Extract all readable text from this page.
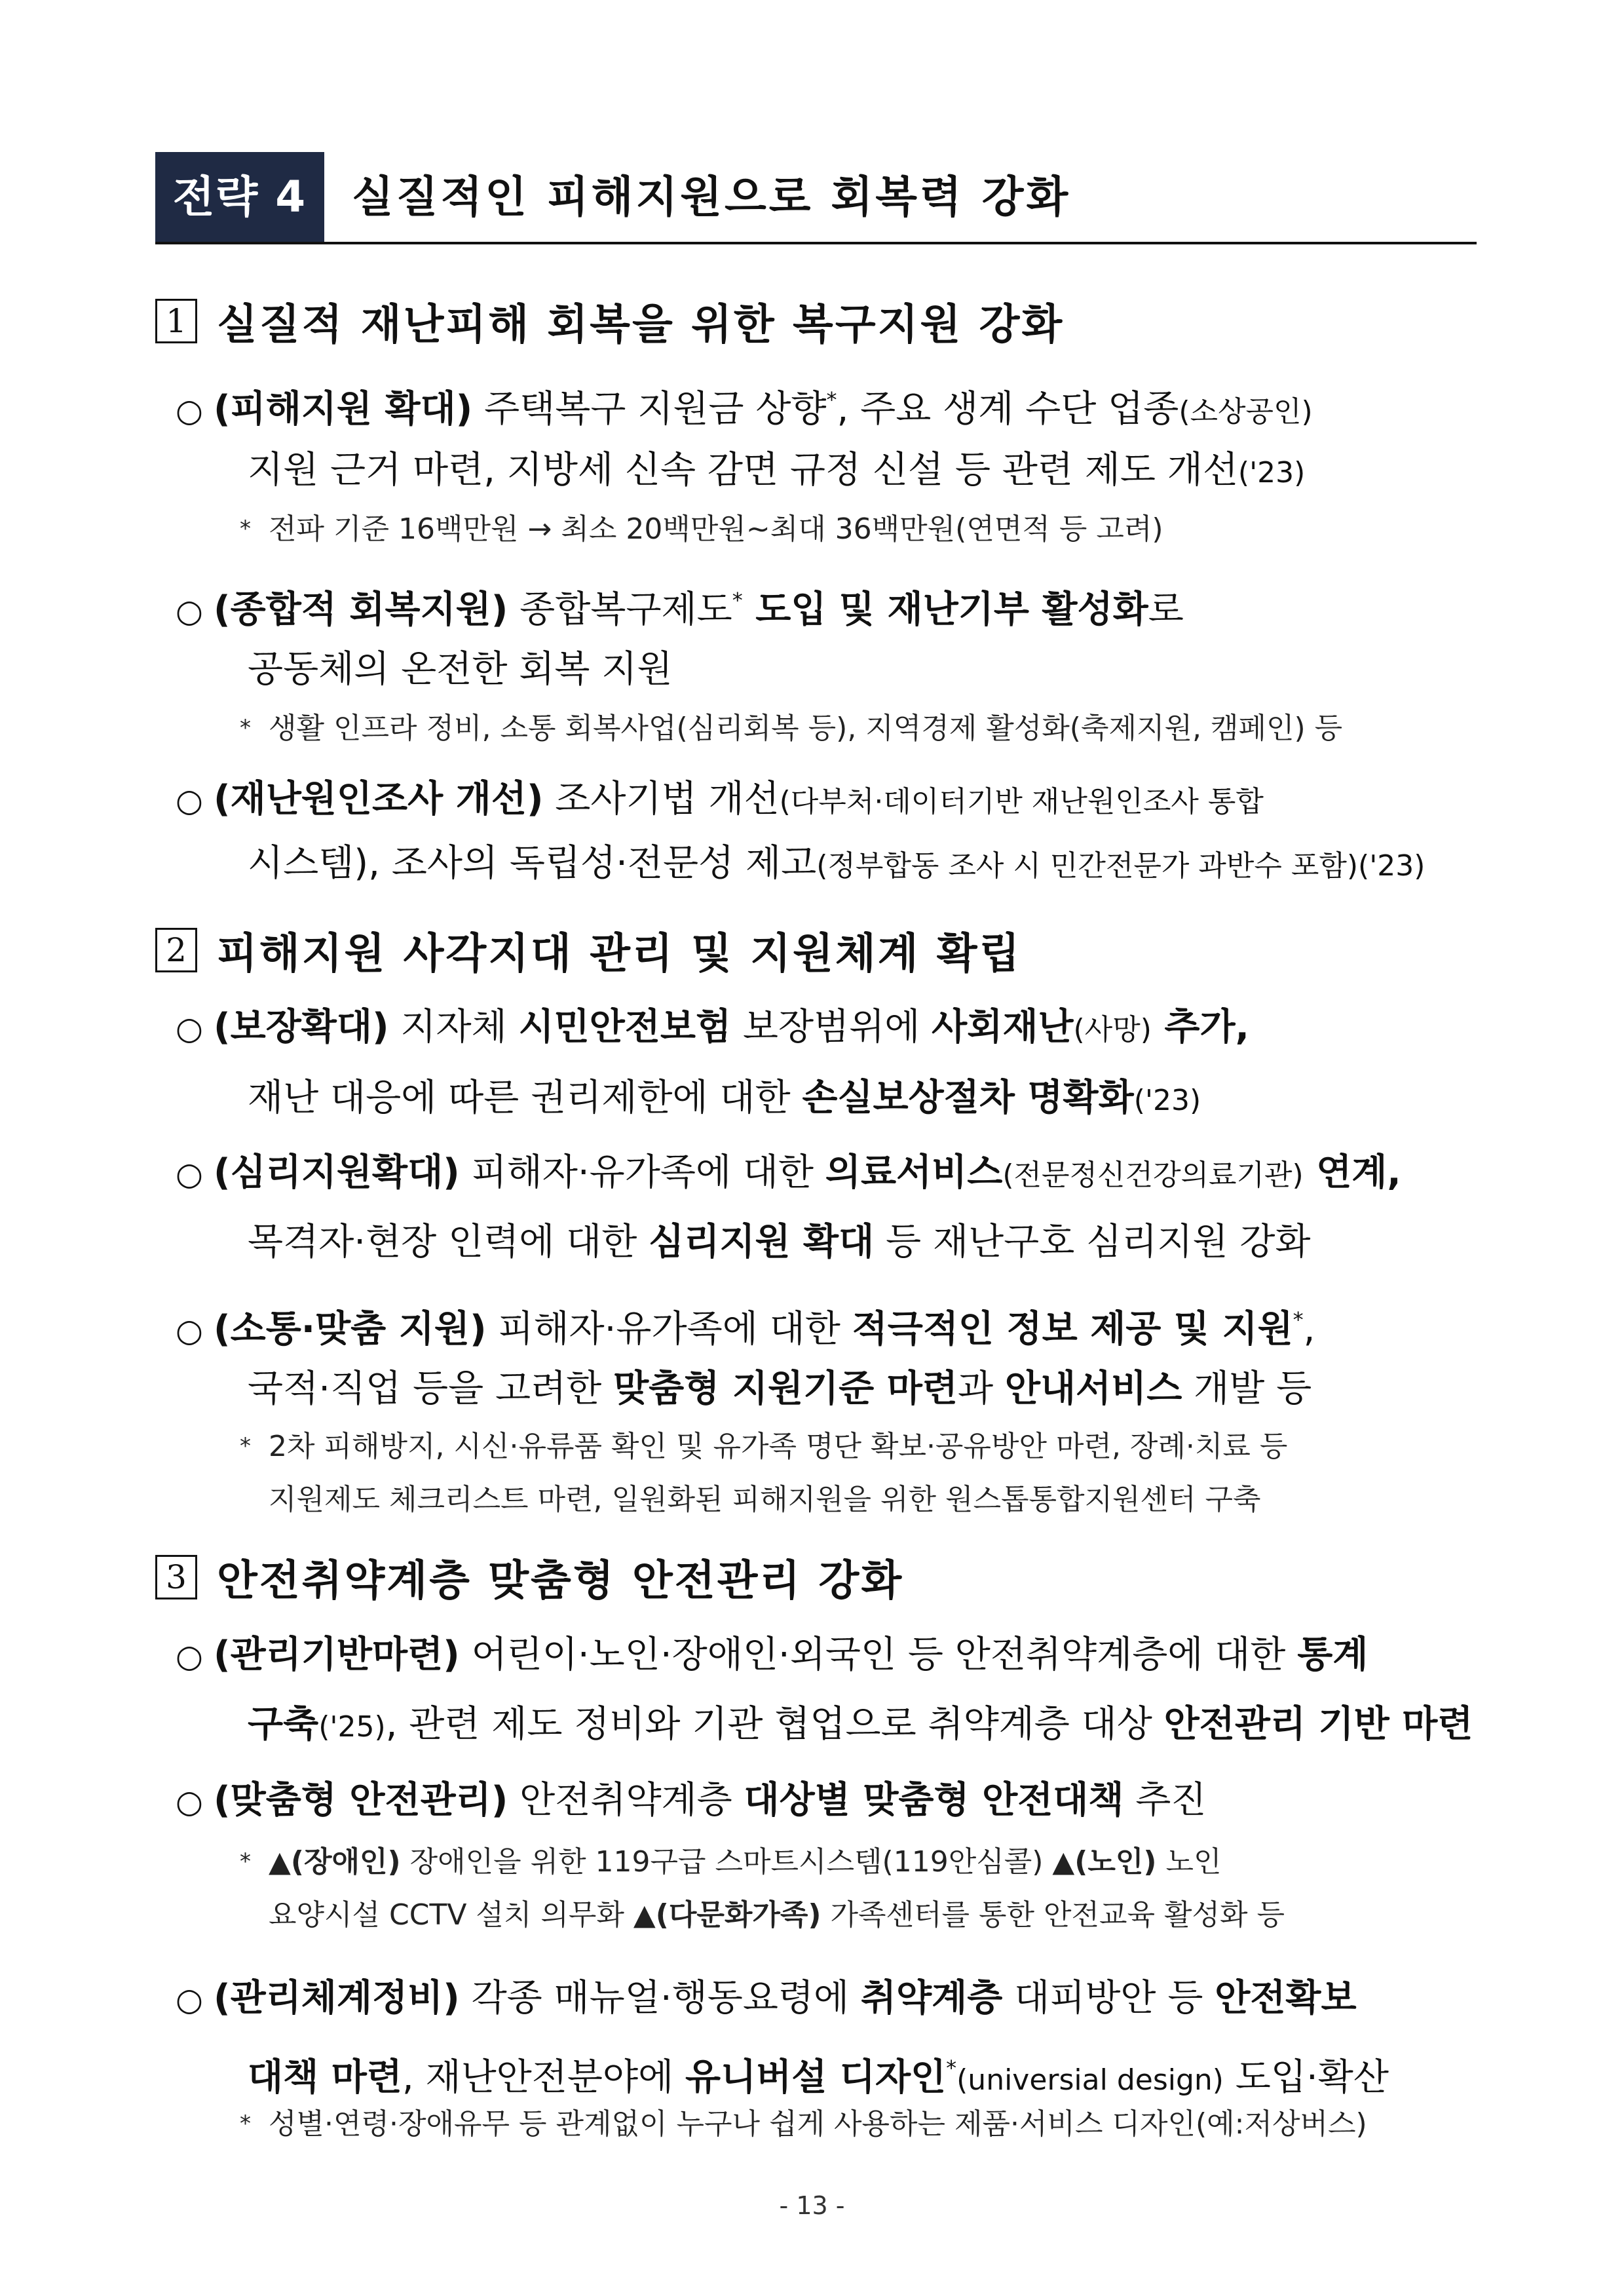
전략 4	실질적인 피해지원으로 회복력 강화
1 실질적 재난피해 회복을 위한 복구지원 강화
○ (피해지원 확대) 주택복구 지원금 상향*, 주요 생계 수단 업종(소상공인)
지원 근거 마련, 지방세 신속 감면 규정 신설 등 관련 제도 개선('23)
* 전파 기준 16백만원 → 최소 20백만원∼최대 36백만원(연면적 등 고려)
○ (종합적 회복지원) 종합복구제도* 도입 및 재난기부 활성화로
공동체의 온전한 회복 지원
* 생활 인프라 정비, 소통 회복사업(심리회복 등), 지역경제 활성화(축제지원, 캠페인) 등
○ (재난원인조사 개선) 조사기법 개선(다부처·데이터기반 재난원인조사 통합
시스템), 조사의 독립성·전문성 제고(정부합동 조사 시 민간전문가 과반수 포함)('23)
2 피해지원 사각지대 관리 및 지원체계 확립
○ (보장확대) 지자체 시민안전보험 보장범위에 사회재난(사망) 추가,
재난 대응에 따른 권리제한에 대한 손실보상절차 명확화('23)
○ (심리지원확대) 피해자·유가족에 대한 의료서비스(전문정신건강의료기관) 연계,
목격자·현장 인력에 대한 심리지원 확대 등 재난구호 심리지원 강화
○ (소통·맞춤 지원) 피해자·유가족에 대한 적극적인 정보 제공 및 지원*,
국적·직업 등을 고려한 맞춤형 지원기준 마련과 안내서비스 개발 등
* 2차 피해방지, 시신·유류품 확인 및 유가족 명단 확보·공유방안 마련, 장례·치료 등
지원제도 체크리스트 마련, 일원화된 피해지원을 위한 원스톱통합지원센터 구축
3 안전취약계층 맞춤형 안전관리 강화
○ (관리기반마련) 어린이·노인·장애인·외국인 등 안전취약계층에 대한 통계
구축('25), 관련 제도 정비와 기관 협업으로 취약계층 대상 안전관리 기반 마련
○ (맞춤형 안전관리) 안전취약계층 대상별 맞춤형 안전대책 추진
* ▲(장애인) 장애인을 위한 119구급 스마트시스템(119안심콜) ▲(노인) 노인
요양시설 CCTV 설치 의무화 ▲(다문화가족) 가족센터를 통한 안전교육 활성화 등
○ (관리체계정비) 각종 매뉴얼·행동요령에 취약계층 대피방안 등 안전확보
대책 마련, 재난안전분야에 유니버설 디자인*(universial design) 도입·확산
* 성별·연령·장애유무 등 관계없이 누구나 쉽게 사용하는 제품·서비스 디자인(예:저상버스)
- 13 -
